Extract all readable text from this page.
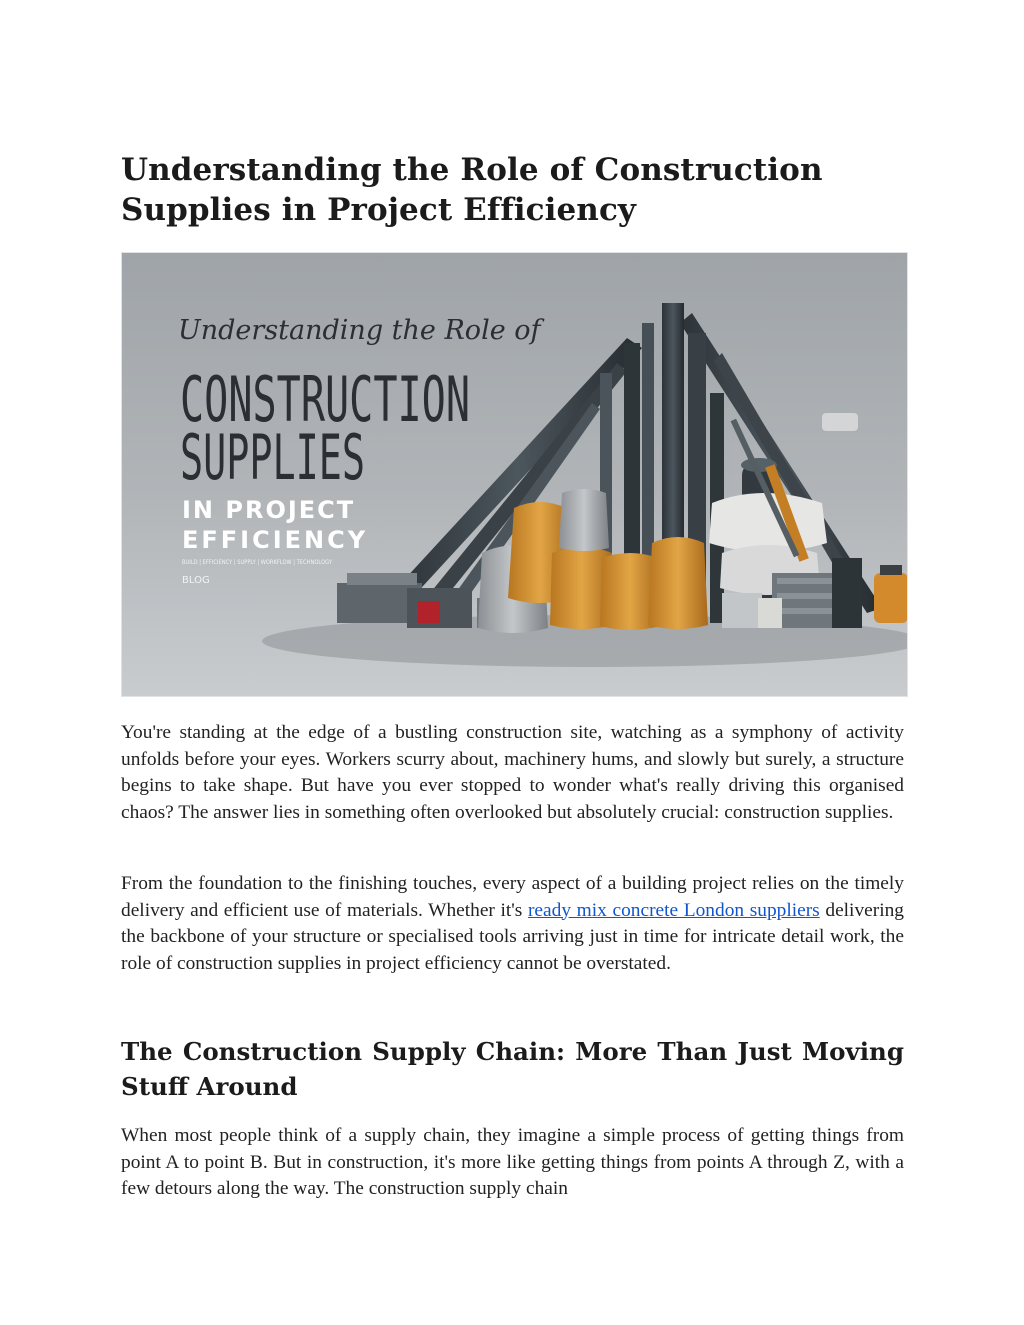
Understanding the Role of Construction Supplies in Project Efficiency
Understanding the Role of
CONSTRUCTION
SUPPLIES
IN PROJECT
EFFICIENCY
BUILD | EFFICIENCY | SUPPLY | WORKFLOW | TECHNOLOGY
BLOG

You're standing at the edge of a bustling construction site, watching as a symphony of activity unfolds before your eyes. Workers scurry about, machinery hums, and slowly but surely, a structure begins to take shape. But have you ever stopped to wonder what's really driving this organised chaos? The answer lies in something often overlooked but absolutely crucial: construction supplies.

From the foundation to the finishing touches, every aspect of a building project relies on the timely delivery and efficient use of materials. Whether it's ready mix concrete London suppliers delivering the backbone of your structure or specialised tools arriving just in time for intricate detail work, the role of construction supplies in project efficiency cannot be overstated.

The Construction Supply Chain: More Than Just Moving Stuff Around

When most people think of a supply chain, they imagine a simple process of getting things from point A to point B. But in construction, it's more like getting things from points A through Z, with a few detours along the way. The construction supply chain
